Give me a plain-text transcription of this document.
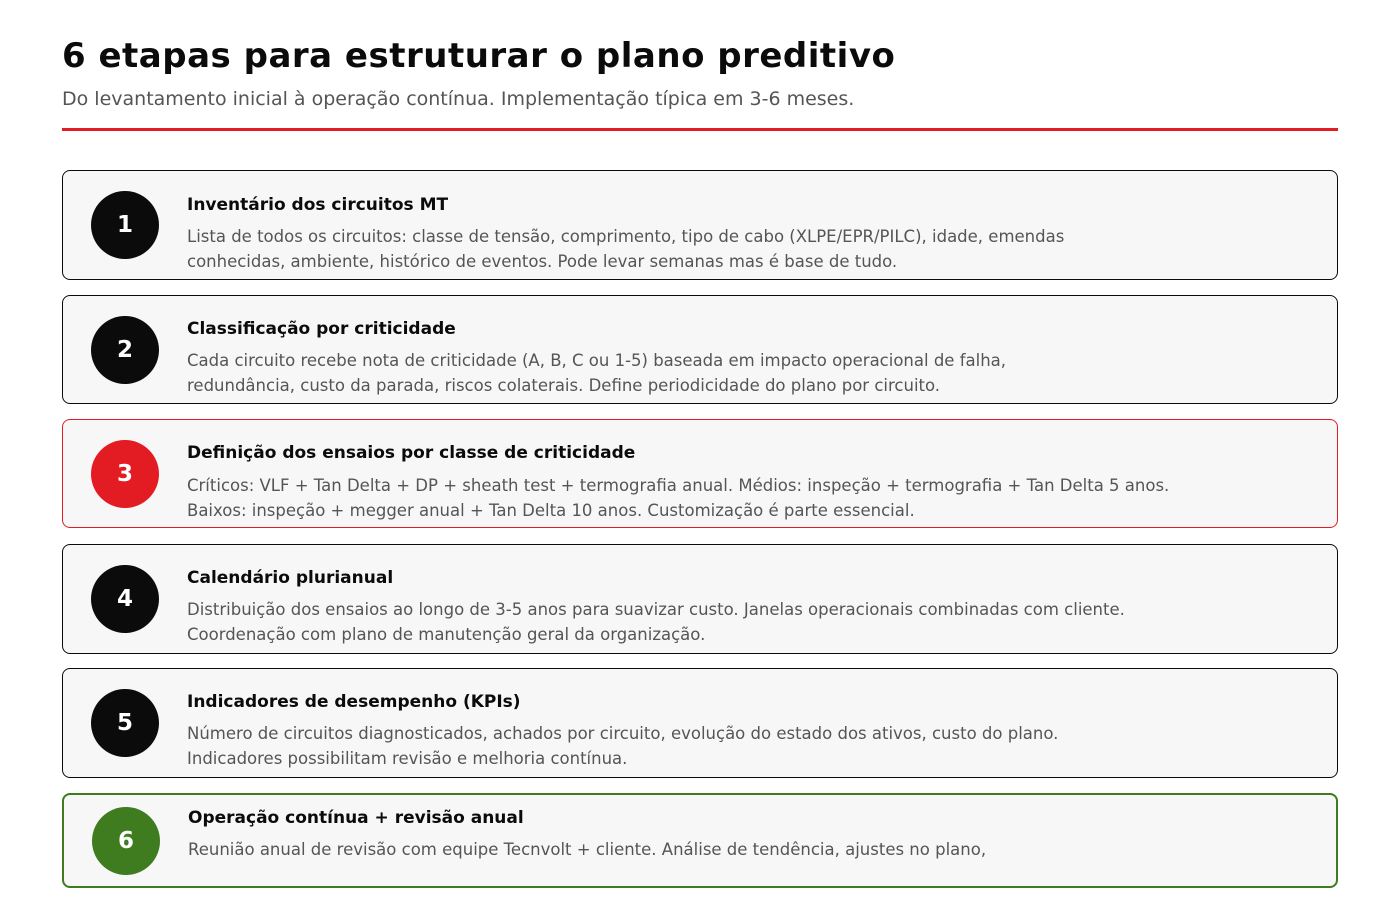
6 etapas para estruturar o plano preditivo

Do levantamento inicial à operação contínua. Implementação típica em 3-6 meses.

1
Inventário dos circuitos MT

Lista de todos os circuitos: classe de tensão, comprimento, tipo de cabo (XLPE/EPR/PILC), idade, emendas
conhecidas, ambiente, histórico de eventos. Pode levar semanas mas é base de tudo.

2
Classificação por criticidade

Cada circuito recebe nota de criticidade (A, B, C ou 1-5) baseada em impacto operacional de falha,
redundância, custo da parada, riscos colaterais. Define periodicidade do plano por circuito.

3
Definição dos ensaios por classe de criticidade

Críticos: VLF + Tan Delta + DP + sheath test + termografia anual. Médios: inspeção + termografia + Tan Delta 5 anos.
Baixos: inspeção + megger anual + Tan Delta 10 anos. Customização é parte essencial.

4
Calendário plurianual

Distribuição dos ensaios ao longo de 3-5 anos para suavizar custo. Janelas operacionais combinadas com cliente.
Coordenação com plano de manutenção geral da organização.

5
Indicadores de desempenho (KPIs)

Número de circuitos diagnosticados, achados por circuito, evolução do estado dos ativos, custo do plano.
Indicadores possibilitam revisão e melhoria contínua.

6
Operação contínua + revisão anual

Reunião anual de revisão com equipe Tecnvolt + cliente. Análise de tendência, ajustes no plano,
